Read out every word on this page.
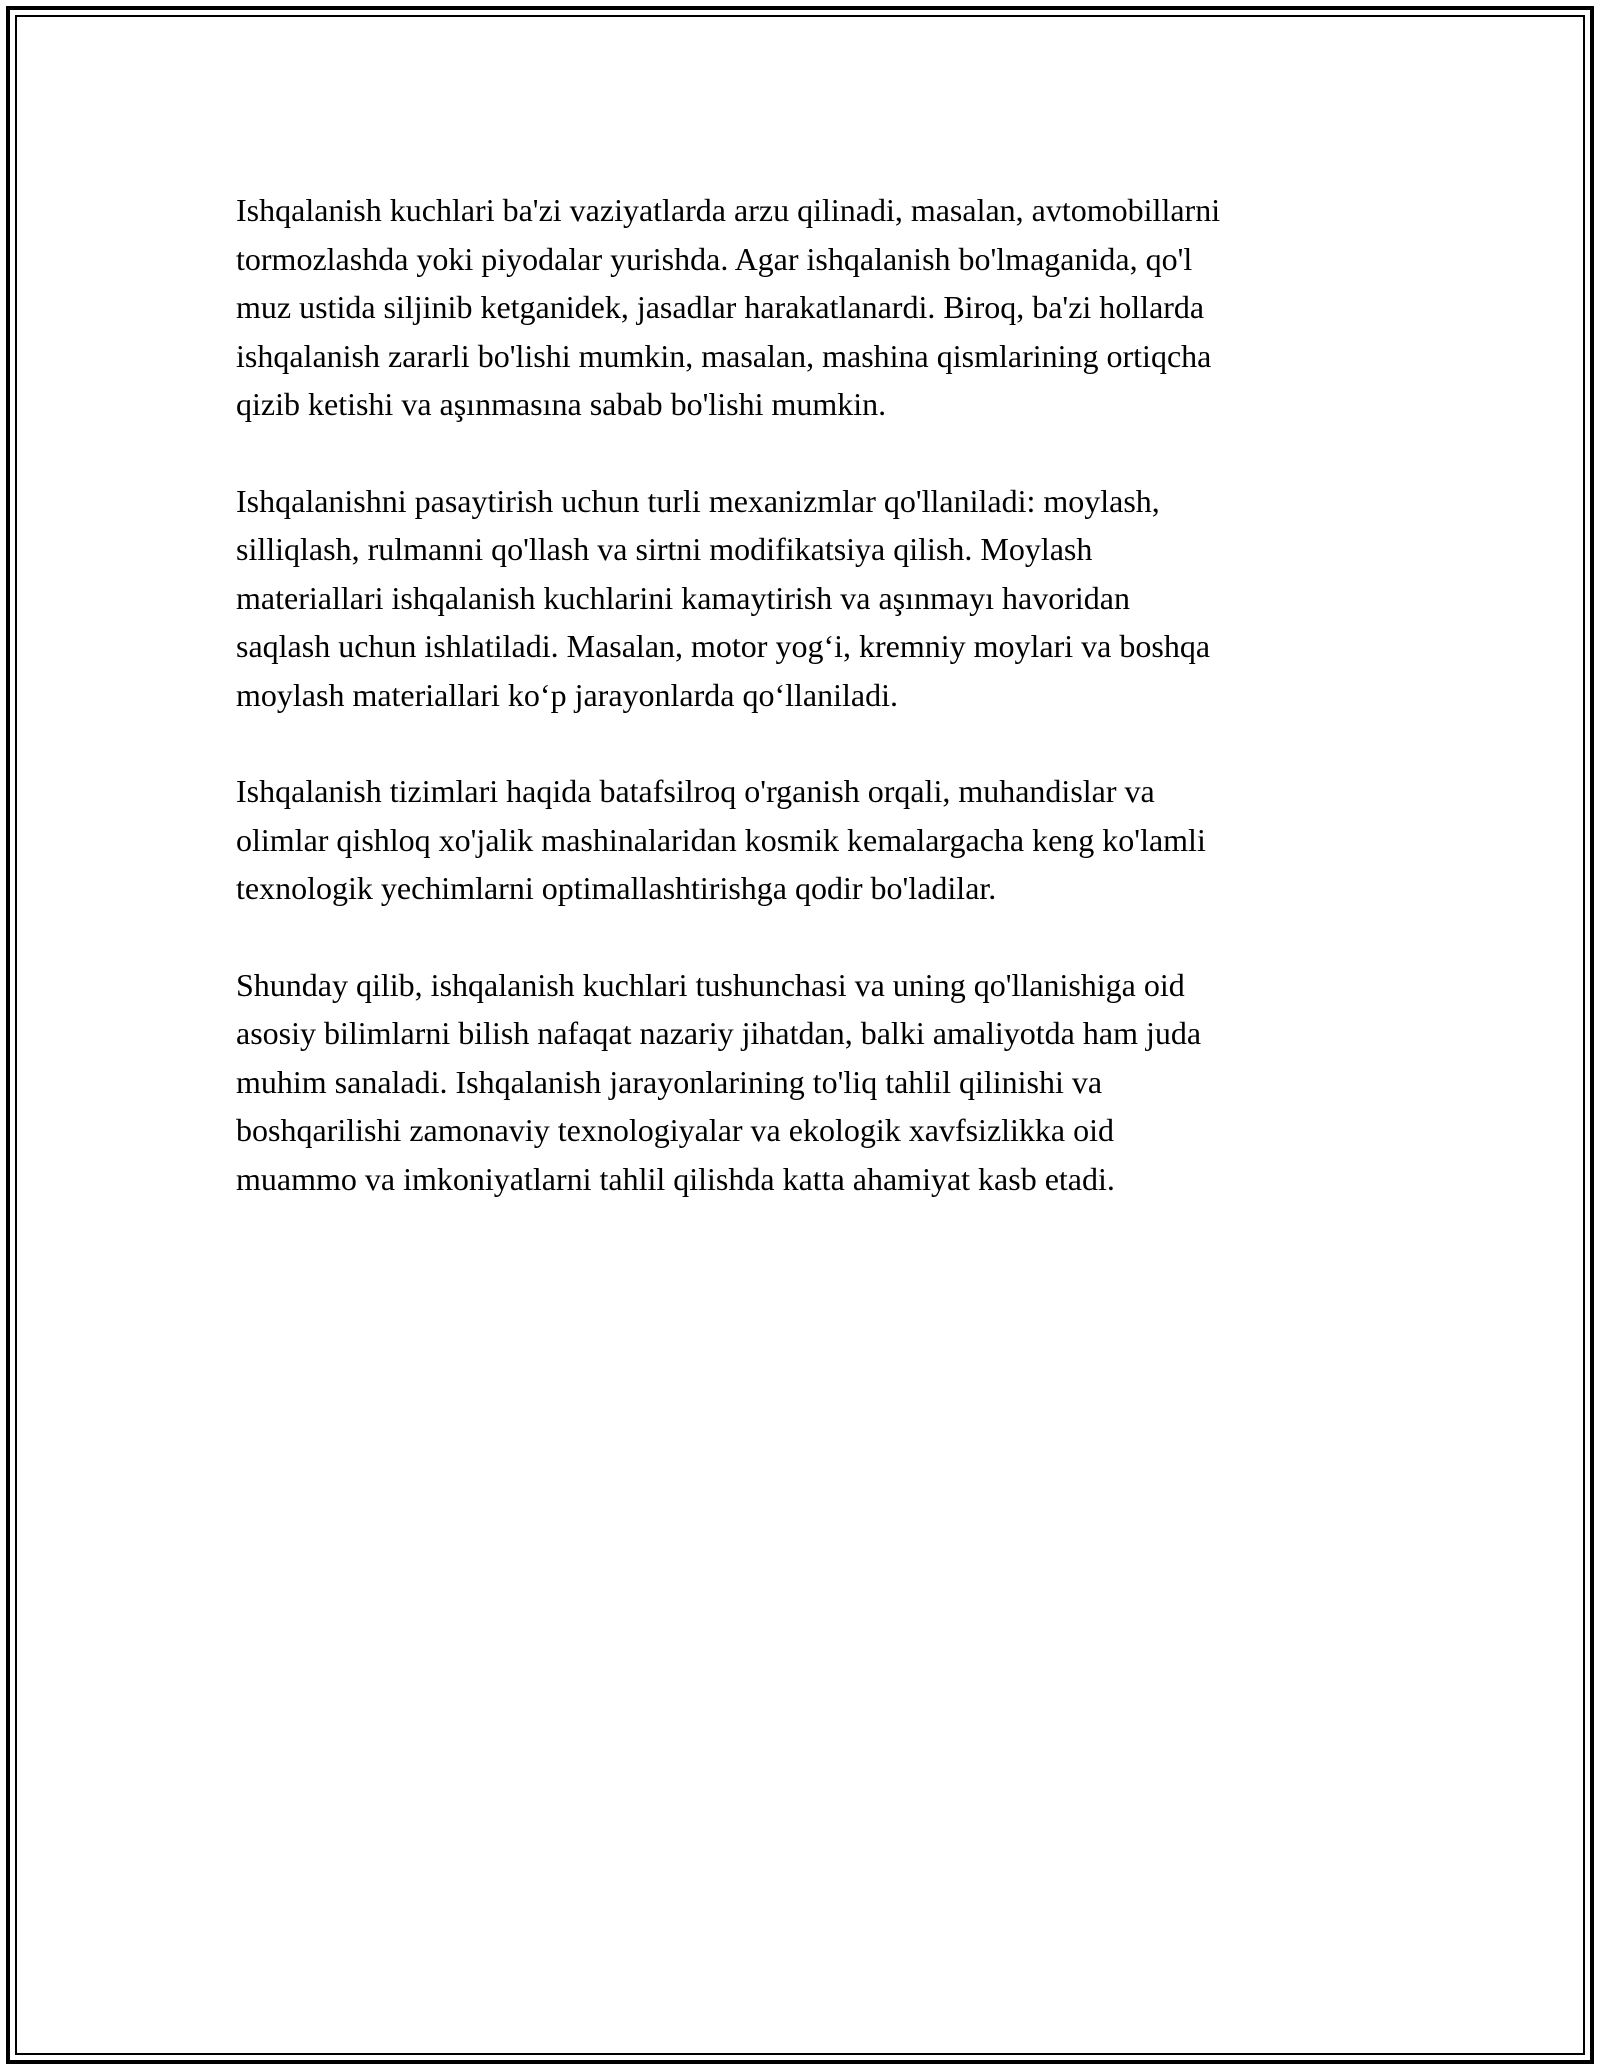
Ishqalanish kuchlari ba'zi vaziyatlarda arzu qilinadi, masalan, avtomobillarni
tormozlashda yoki piyodalar yurishda. Agar ishqalanish bo'lmaganida, qo'l
muz ustida siljinib ketganidek, jasadlar harakatlanardi. Biroq, ba'zi hollarda
ishqalanish zararli bo'lishi mumkin, masalan, mashina qismlarining ortiqcha
qizib ketishi va aşınmasına sabab bo'lishi mumkin.

Ishqalanishni pasaytirish uchun turli mexanizmlar qo'llaniladi: moylash,
silliqlash, rulmanni qo'llash va sirtni modifikatsiya qilish. Moylash
materiallari ishqalanish kuchlarini kamaytirish va aşınmayı havoridan
saqlash uchun ishlatiladi. Masalan, motor yog‘i, kremniy moylari va boshqa
moylash materiallari ko‘p jarayonlarda qo‘llaniladi.

Ishqalanish tizimlari haqida batafsilroq o'rganish orqali, muhandislar va
olimlar qishloq xo'jalik mashinalaridan kosmik kemalargacha keng ko'lamli
texnologik yechimlarni optimallashtirishga qodir bo'ladilar.

Shunday qilib, ishqalanish kuchlari tushunchasi va uning qo'llanishiga oid
asosiy bilimlarni bilish nafaqat nazariy jihatdan, balki amaliyotda ham juda
muhim sanaladi. Ishqalanish jarayonlarining to'liq tahlil qilinishi va
boshqarilishi zamonaviy texnologiyalar va ekologik xavfsizlikka oid
muammo va imkoniyatlarni tahlil qilishda katta ahamiyat kasb etadi.
